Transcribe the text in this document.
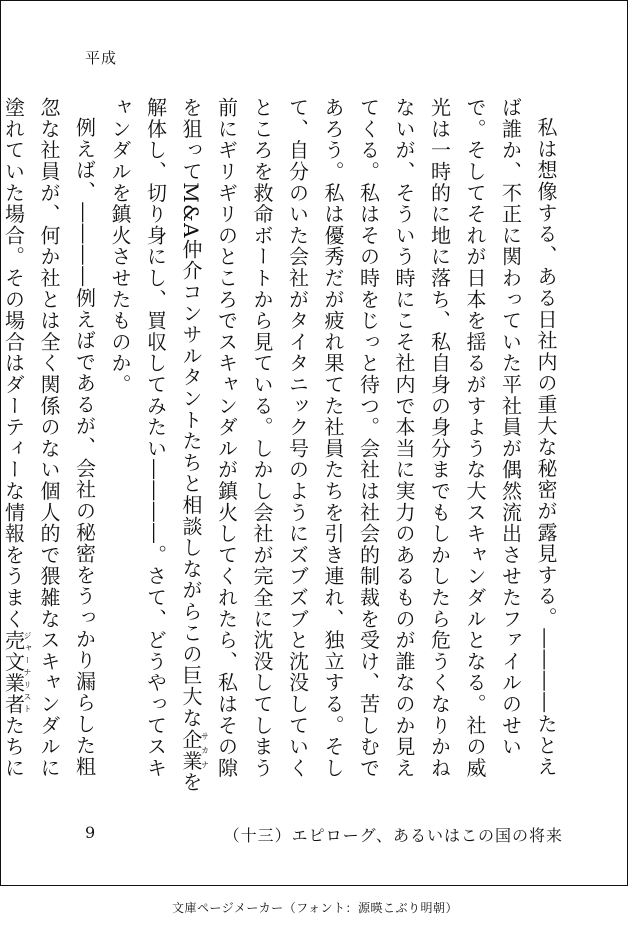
平成

私は想像する、ある日社内の重大な秘密が露見する。――――たとえば誰か、不正に関わっていた平社員が偶然流出させたファイルのせいで。そしてそれが日本を揺るがすような大スキャンダルとなる。社の威光は一時的に地に落ち、私自身の身分までもしかしたら危うくなりかねないが、そういう時にこそ社内で本当に実力のあるものが誰なのか見えてくる。私はその時をじっと待つ。会社は社会的制裁を受け、苦しむであろう。私は優秀だが疲れ果てた社員たちを引き連れ、独立する。そして、自分のいた会社がタイタニック号のようにズブズブと沈没していくところを救命ボートから見ている。しかし会社が完全に沈没してしまう前にギリギリのところでスキャンダルが鎮火してくれたら、私はその隙を狙ってM&A仲介コンサルタントたちと相談しながらこの巨大な企業サカナを解体し、切り身にし、買収してみたい――――。さて、どうやってスキャンダルを鎮火させたものか。

例えば、――――例えばであるが、会社の秘密をうっかり漏らした粗忽な社員が、何か社とは全く関係のない個人的で猥雑なスキャンダルに塗れていた場合。その場合はダーティーな情報をうまく売文業者ジャーナリストたちに

9	（十三）エピローグ、あるいはこの国の将来
文庫ページメーカー（フォント：源暎こぶり明朝）
